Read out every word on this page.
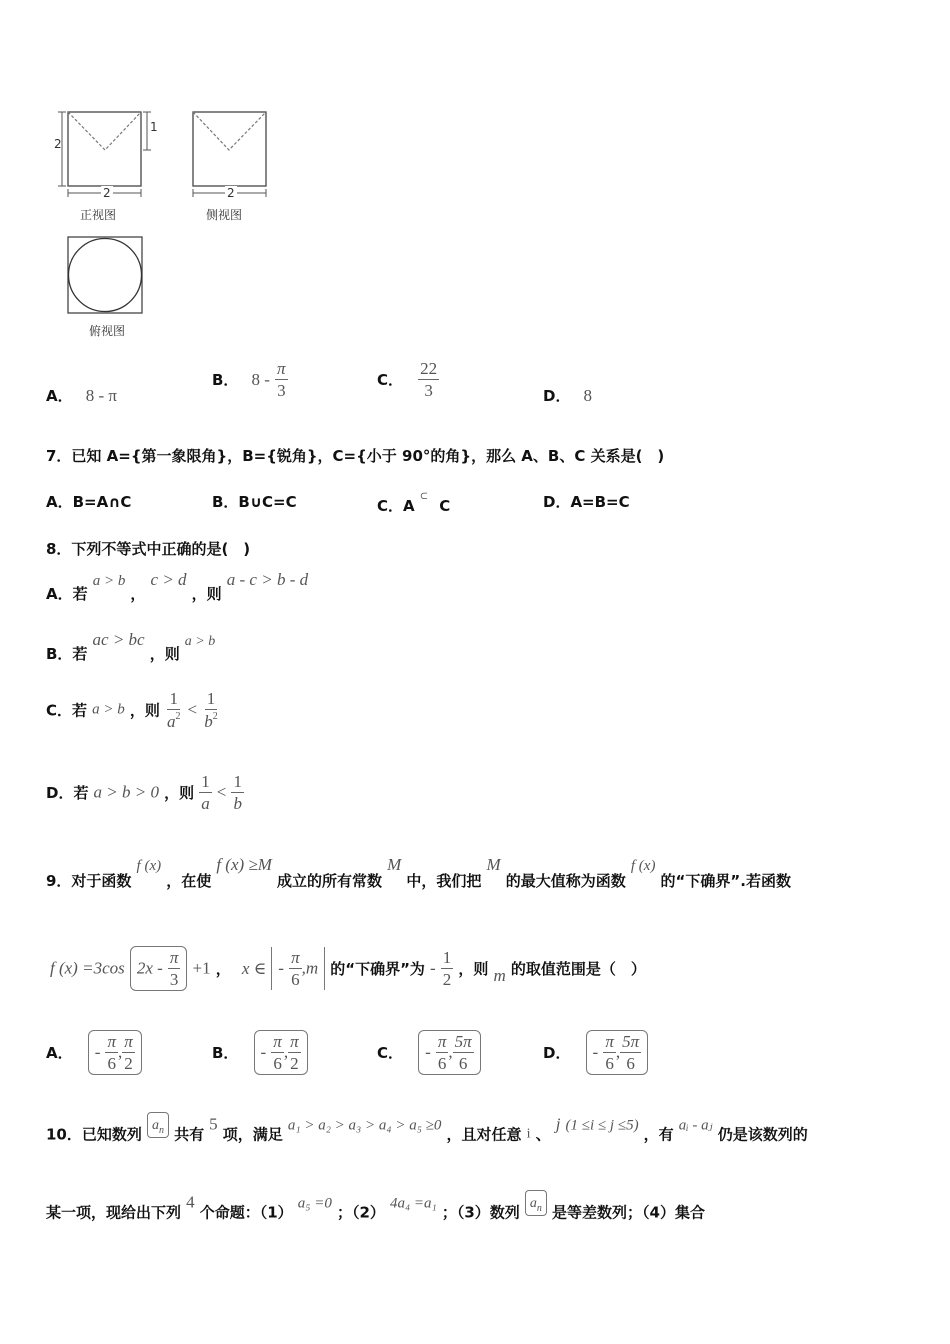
2
1
2	2
正视图	侧视图
俯视图
A． 8 - π
B． $8 - \frac{\pi}{3}$	C． $\frac{22}{3}$	D． 8
7．已知 A={第一象限角}，B={锐角}，C={小于 90°的角}，那么 A、B、C 关系是(　)
A．B=A∩C	B．B∪C=C	C．A ⊂ C	D．A=B=C
8．下列不等式中正确的是(　)
A．若 a > b ， c > d ，则 a - c > b - d
B．若 ac > bc ，则 a > b
C．若 a > b ，则 $\frac{1}{a^2} < \frac{1}{b^2}$
D．若 a > b > 0 ，则 $\frac{1}{a} < \frac{1}{b}$
9．对于函数 f (x) ，在使 f (x) ≥M 成立的所有常数 M 中，我们把 M 的最大值称为函数 f (x) 的“下确界”.若函数
f (x) =3cos $2x - \frac{\pi}{3} +1$ ， x ∈ - $\frac{\pi}{6} ,m$ 的“下确界”为 - $\frac{1}{2}$ ，则 m 的取值范围是（　）
A． - $\frac{\pi}{6}$ , $\frac{\pi}{2}$	B． - $\frac{\pi}{6}$ , $\frac{\pi}{2}$	C． - $\frac{\pi}{6}$ , $\frac{5\pi}{6}$	D． - $\frac{\pi}{6}$ , $\frac{5\pi}{6}$
10．已知数列 $a_n$ 共有 5 项，满足 a₁ > a₂ > a₃ > a₄ > a₅ ≥0 ，且对任意 i 、 j (1 ≤i ≤ j ≤5) ，有 aᵢ - aⱼ 仍是该数列的
某一项，现给出下列 4 个命题：（1） a₅ =0 ；（2） 4a₄ =a₁ ；（3）数列 $a_n$ 是等差数列；（4）集合
